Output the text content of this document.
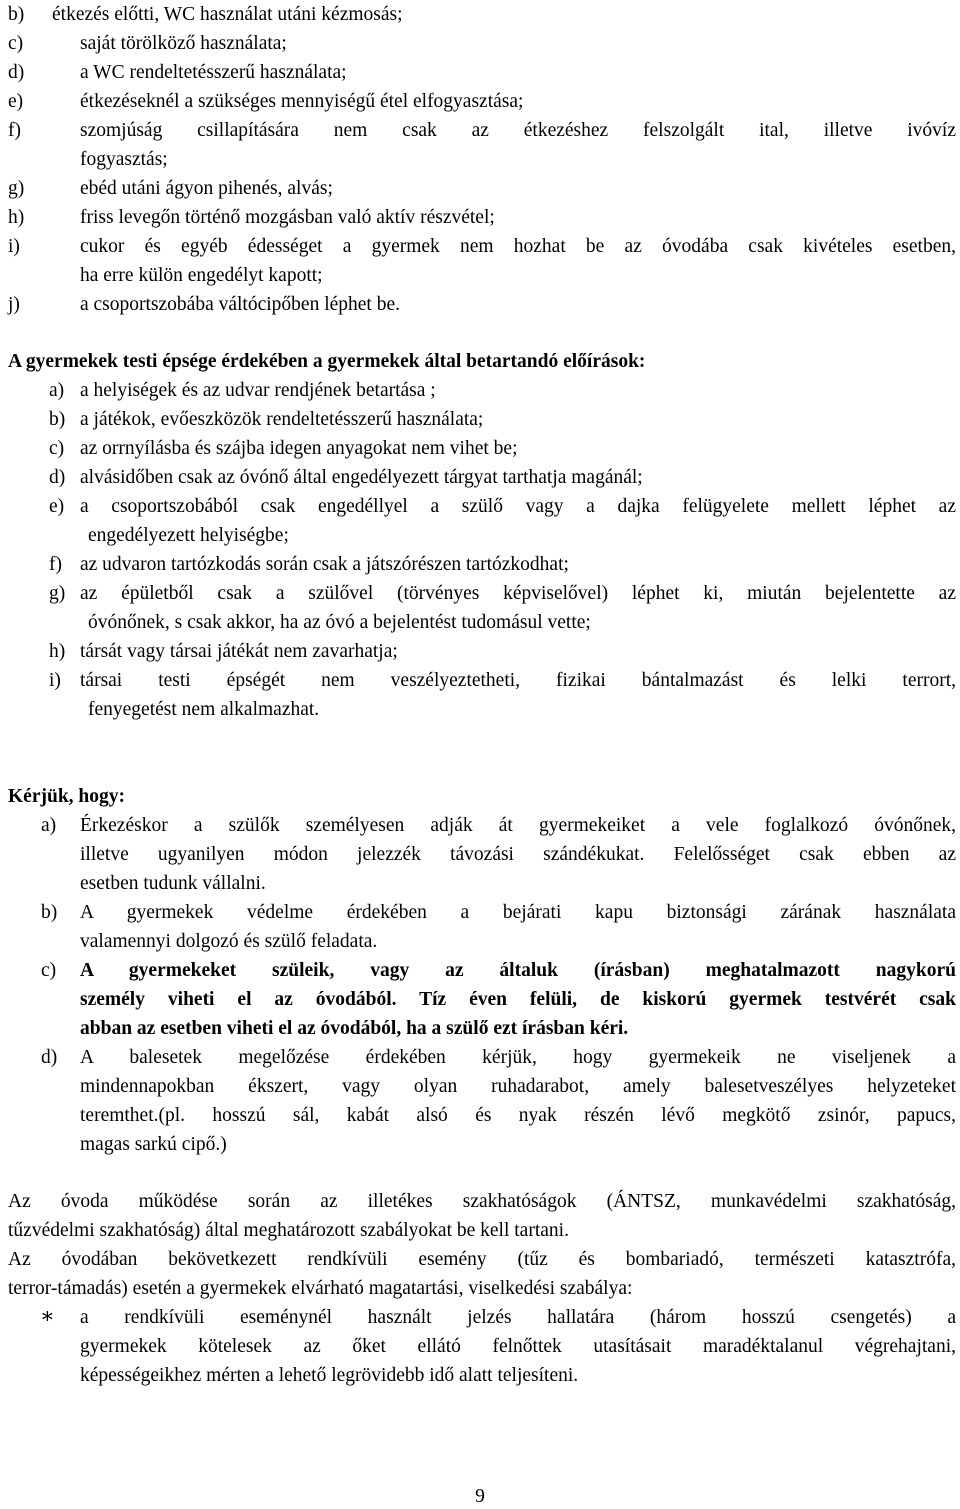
b) étkezés előtti, WC használat utáni kézmosás;
c)	saját törölköző használata;
d)	a WC rendeltetésszerű használata;
e)	étkezéseknél a szükséges mennyiségű étel elfogyasztása;
f)	szomjúság csillapítására nem csak az étkezéshez felszolgált ital, illetve ivóvíz
fogyasztás;
g)	ebéd utáni ágyon pihenés, alvás;
h)	friss levegőn történő mozgásban való aktív részvétel;
i)	cukor és egyéb édességet a gyermek nem hozhat be az óvodába csak kivételes esetben,
ha erre külön engedélyt kapott;
j)	a csoportszobába váltócipőben léphet be.
A gyermekek testi épsége érdekében a gyermekek által betartandó előírások:
a) a helyiségek és az udvar rendjének betartása ;
b) a játékok, evőeszközök rendeltetésszerű használata;
c) az orrnyílásba és szájba idegen anyagokat nem vihet be;
d) alvásidőben csak az óvónő által engedélyezett tárgyat tarthatja magánál;
e) a csoportszobából csak engedéllyel a szülő vagy a dajka felügyelete mellett léphet az
engedélyezett helyiségbe;
f) az udvaron tartózkodás során csak a játszórészen tartózkodhat;
g) az épületből csak a szülővel (törvényes képviselővel) léphet ki, miután bejelentette az
óvónőnek, s csak akkor, ha az óvó a bejelentést tudomásul vette;
h) társát vagy társai játékát nem zavarhatja;
i) társai testi épségét nem veszélyeztetheti, fizikai bántalmazást és lelki terrort,
fenyegetést nem alkalmazhat.
Kérjük, hogy:
a) Érkezéskor a szülők személyesen adják át gyermekeiket a vele foglalkozó óvónőnek,
illetve ugyanilyen módon jelezzék távozási szándékukat. Felelősséget csak ebben az
esetben tudunk vállalni.
b) A gyermekek védelme érdekében a bejárati kapu biztonsági zárának használata
valamennyi dolgozó és szülő feladata.
c) A gyermekeket szüleik, vagy az általuk (írásban) meghatalmazott nagykorú
személy viheti el az óvodából. Tíz éven felüli, de kiskorú gyermek testvérét csak
abban az esetben viheti el az óvodából, ha a szülő ezt írásban kéri.
d) A balesetek megelőzése érdekében kérjük, hogy gyermekeik ne viseljenek a
mindennapokban ékszert, vagy olyan ruhadarabot, amely balesetveszélyes helyzeteket
teremthet.(pl. hosszú sál, kabát alsó és nyak részén lévő megkötő zsinór, papucs,
magas sarkú cipő.)
Az óvoda működése során az illetékes szakhatóságok (ÁNTSZ, munkavédelmi szakhatóság,
tűzvédelmi szakhatóság) által meghatározott szabályokat be kell tartani.
Az óvodában bekövetkezett rendkívüli esemény (tűz és bombariadó, természeti katasztrófa,
terror-támadás) esetén a gyermekek elvárható magatartási, viselkedési szabálya:
∗ a rendkívüli eseménynél használt jelzés hallatára (három hosszú csengetés) a
gyermekek kötelesek az őket ellátó felnőttek utasításait maradéktalanul végrehajtani,
képességeikhez mérten a lehető legrövidebb idő alatt teljesíteni.
9
